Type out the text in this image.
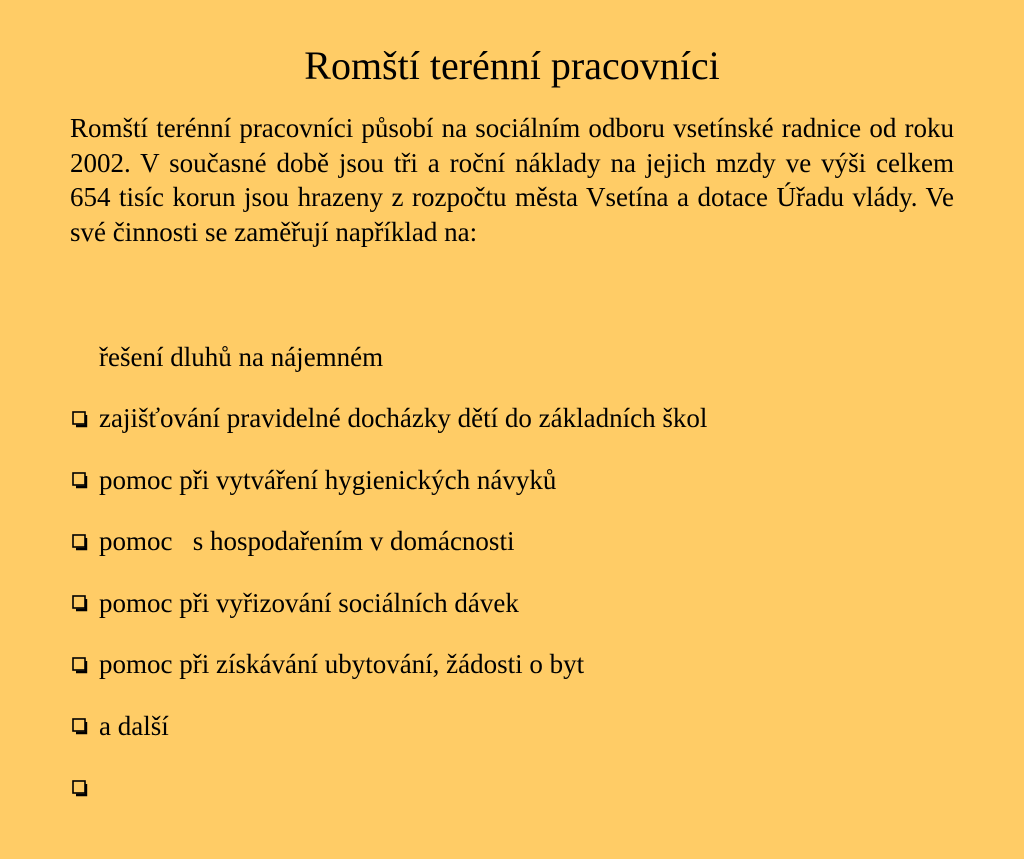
Romští terénní pracovníci
Romští terénní pracovníci působí na sociálním odboru vsetínské radnice od roku 2002. V současné době jsou tři a roční náklady na jejich mzdy ve výši celkem 654 tisíc korun jsou hrazeny z rozpočtu města Vsetína a dotace Úřadu vlády. Ve své činnosti se zaměřují například na:

řešení dluhů na nájemném

zajišťování pravidelné docházky dětí do základních škol

pomoc při vytváření hygienických návyků

pomoc   s hospodařením v domácnosti

pomoc při vyřizování sociálních dávek

pomoc při získávání ubytování, žádosti o byt

a další
